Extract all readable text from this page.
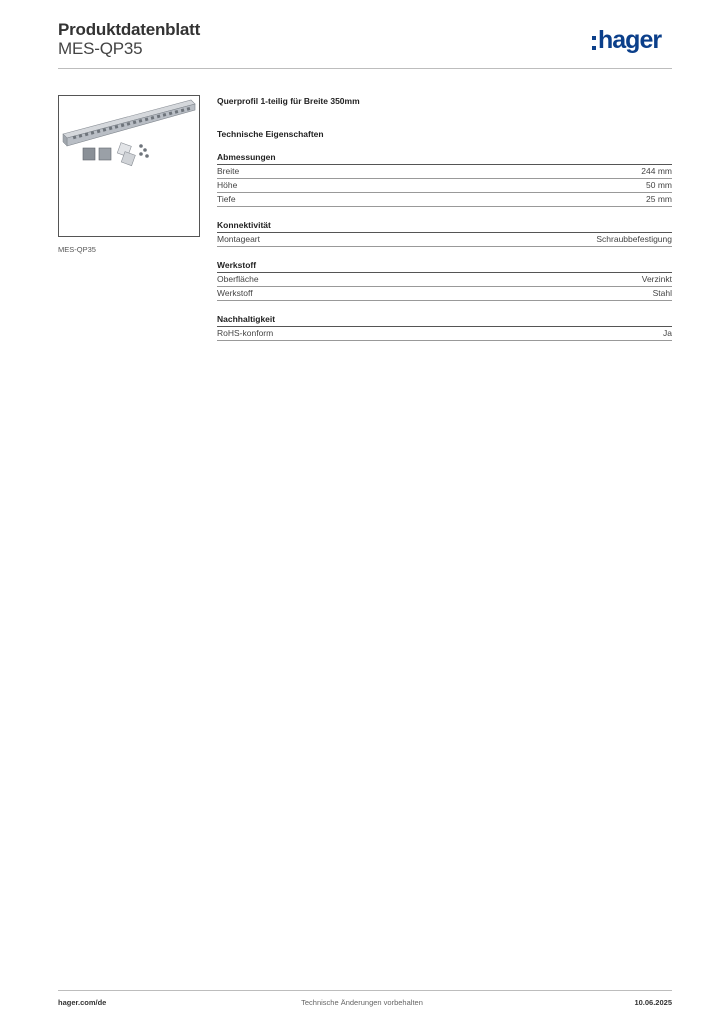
Produktdatenblatt
MES-QP35	hager
MES-QP35
Querprofil 1-teilig für Breite 350mm
Technische Eigenschaften
Abmessungen
Breite	244 mm
Höhe	50 mm
Tiefe	25 mm
Konnektivität
Montageart	Schraubbefestigung
Werkstoff
Oberfläche	Verzinkt
Werkstoff	Stahl
Nachhaltigkeit
RoHS-konform	Ja
hager.com/de	Technische Änderungen vorbehalten	10.06.2025
